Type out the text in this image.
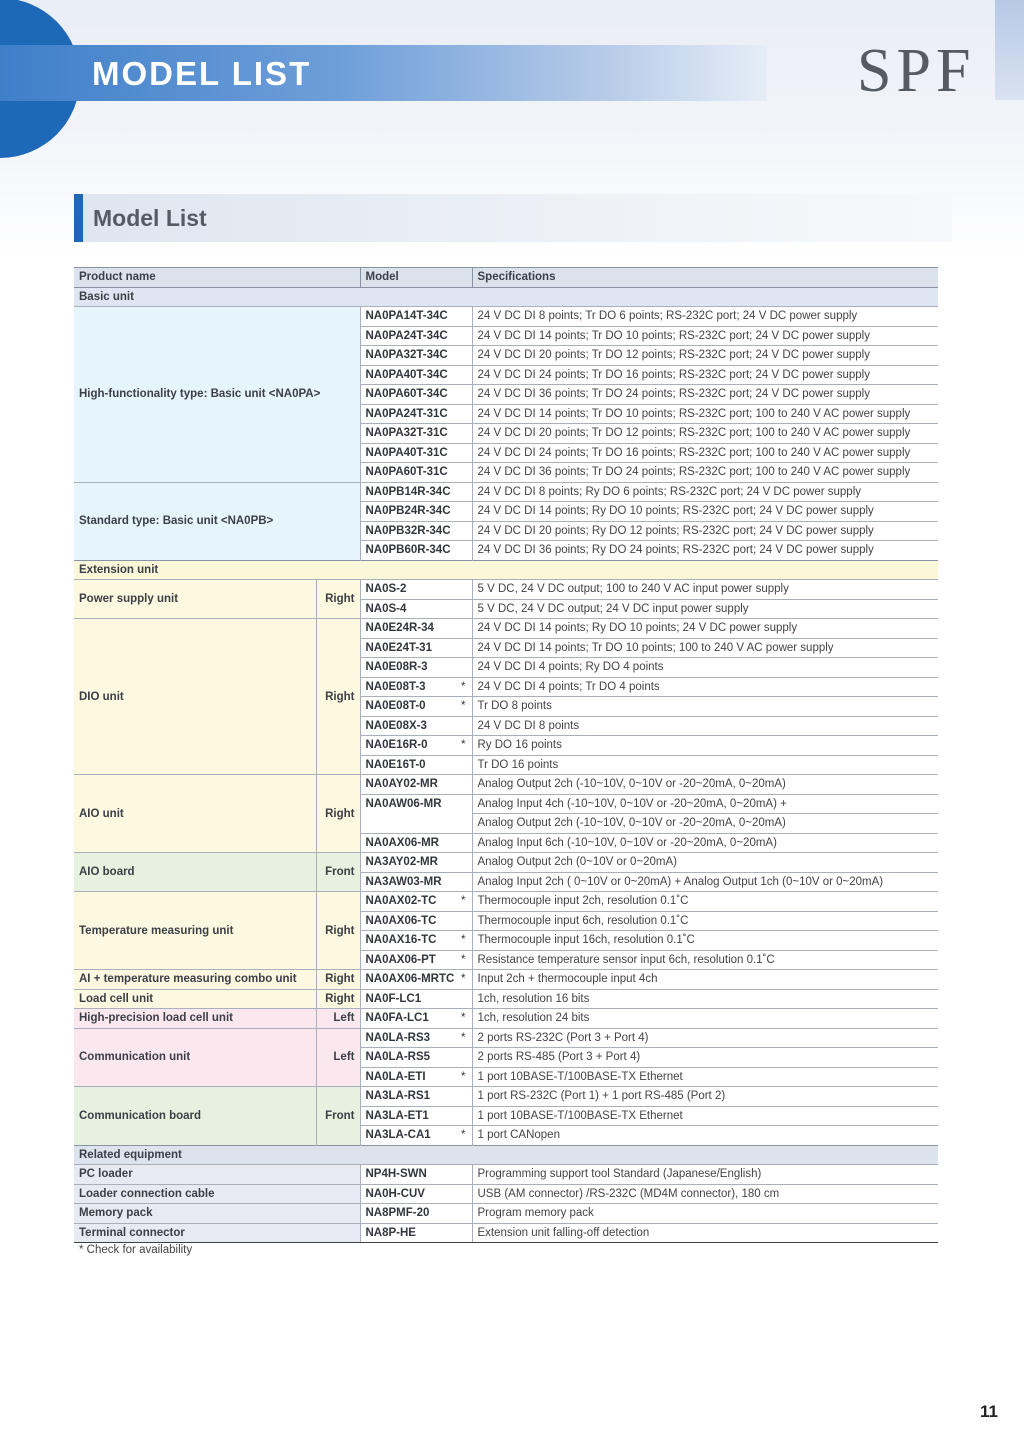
MODEL LIST	SPF
Model List
Product name		Model	Specifications
Basic unit			
High-functionality type: Basic unit <NA0PA>		NA0PA14T-34C	24 V DC DI 8 points; Tr DO 6 points; RS-232C port; 24 V DC power supply
		NA0PA24T-34C	24 V DC DI 14 points; Tr DO 10 points; RS-232C port; 24 V DC power supply
		NA0PA32T-34C	24 V DC DI 20 points; Tr DO 12 points; RS-232C port; 24 V DC power supply
		NA0PA40T-34C	24 V DC DI 24 points; Tr DO 16 points; RS-232C port; 24 V DC power supply
		NA0PA60T-34C	24 V DC DI 36 points; Tr DO 24 points; RS-232C port; 24 V DC power supply
		NA0PA24T-31C	24 V DC DI 14 points; Tr DO 10 points; RS-232C port; 100 to 240 V AC power supply
		NA0PA32T-31C	24 V DC DI 20 points; Tr DO 12 points; RS-232C port; 100 to 240 V AC power supply
		NA0PA40T-31C	24 V DC DI 24 points; Tr DO 16 points; RS-232C port; 100 to 240 V AC power supply
		NA0PA60T-31C	24 V DC DI 36 points; Tr DO 24 points; RS-232C port; 100 to 240 V AC power supply
Standard type: Basic unit <NA0PB>		NA0PB14R-34C	24 V DC DI 8 points; Ry DO 6 points; RS-232C port; 24 V DC power supply
		NA0PB24R-34C	24 V DC DI 14 points; Ry DO 10 points; RS-232C port; 24 V DC power supply
		NA0PB32R-34C	24 V DC DI 20 points; Ry DO 12 points; RS-232C port; 24 V DC power supply
		NA0PB60R-34C	24 V DC DI 36 points; Ry DO 24 points; RS-232C port; 24 V DC power supply
Extension unit			
Power supply unit	Right	NA0S-2	5 V DC, 24 V DC output; 100 to 240 V AC input power supply
		NA0S-4	5 V DC, 24 V DC output; 24 V DC input power supply
DIO unit	Right	NA0E24R-34	24 V DC DI 14 points; Ry DO 10 points; 24 V DC power supply
		NA0E24T-31	24 V DC DI 14 points; Tr DO 10 points; 100 to 240 V AC power supply
		NA0E08R-3	24 V DC DI 4 points; Ry DO 4 points
		NA0E08T-3 *	24 V DC DI 4 points; Tr DO 4 points
		NA0E08T-0 *	Tr DO 8 points
		NA0E08X-3	24 V DC DI 8 points
		NA0E16R-0 *	Ry DO 16 points
		NA0E16T-0	Tr DO 16 points
AIO unit	Right	NA0AY02-MR	Analog Output 2ch (-10~10V, 0~10V or -20~20mA, 0~20mA)
		NA0AW06-MR	Analog Input 4ch (-10~10V, 0~10V or -20~20mA, 0~20mA) +
			Analog Output 2ch (-10~10V, 0~10V or -20~20mA, 0~20mA)
		NA0AX06-MR	Analog Input 6ch (-10~10V, 0~10V or -20~20mA, 0~20mA)
AIO board	Front	NA3AY02-MR	Analog Output 2ch (0~10V or 0~20mA)
		NA3AW03-MR	Analog Input 2ch ( 0~10V or 0~20mA) + Analog Output 1ch (0~10V or 0~20mA)
Temperature measuring unit	Right	NA0AX02-TC *	Thermocouple input 2ch, resolution 0.1˚C
		NA0AX06-TC	Thermocouple input 6ch, resolution 0.1˚C
		NA0AX16-TC *	Thermocouple input 16ch, resolution 0.1˚C
		NA0AX06-PT *	Resistance temperature sensor input 6ch, resolution 0.1˚C
AI + temperature measuring combo unit	Right	NA0AX06-MRTC *	Input 2ch + thermocouple input 4ch
Load cell unit	Right	NA0F-LC1	1ch, resolution 16 bits
High-precision load cell unit	Left	NA0FA-LC1 *	1ch, resolution 24 bits
Communication unit	Left	NA0LA-RS3 *	2 ports RS-232C (Port 3 + Port 4)
		NA0LA-RS5	2 ports RS-485 (Port 3 + Port 4)
		NA0LA-ETI *	1 port 10BASE-T/100BASE-TX Ethernet
Communication board	Front	NA3LA-RS1	1 port RS-232C (Port 1) + 1 port RS-485 (Port 2)
		NA3LA-ET1	1 port 10BASE-T/100BASE-TX Ethernet
		NA3LA-CA1 *	1 port CANopen
Related equipment			
PC loader		NP4H-SWN	Programming support tool Standard (Japanese/English)
Loader connection cable		NA0H-CUV	USB (AM connector) /RS-232C (MD4M connector), 180 cm
Memory pack		NA8PMF-20	Program memory pack
Terminal connector		NA8P-HE	Extension unit falling-off detection
* Check for availability
11
